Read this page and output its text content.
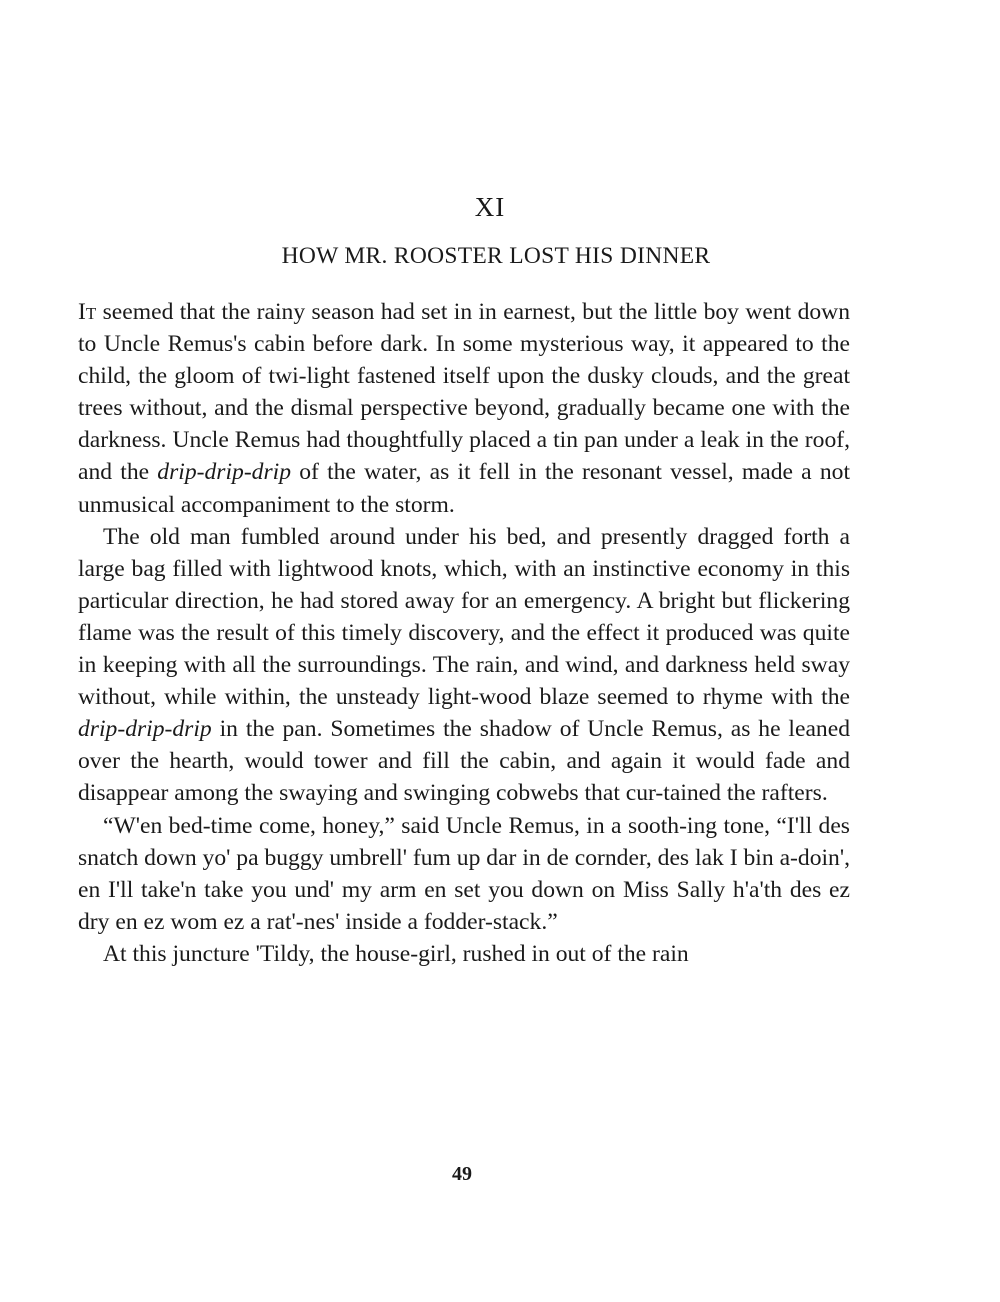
XI
HOW MR. ROOSTER LOST HIS DINNER

It seemed that the rainy season had set in in earnest, but the little boy went down to Uncle Remus's cabin before dark. In some mysterious way, it appeared to the child, the gloom of twi-light fastened itself upon the dusky clouds, and the great trees without, and the dismal perspective beyond, gradually became one with the darkness. Uncle Remus had thoughtfully placed a tin pan under a leak in the roof, and the drip-drip-drip of the water, as it fell in the resonant vessel, made a not unmusical accompaniment to the storm.

The old man fumbled around under his bed, and presently dragged forth a large bag filled with lightwood knots, which, with an instinctive economy in this particular direction, he had stored away for an emergency. A bright but flickering flame was the result of this timely discovery, and the effect it produced was quite in keeping with all the surroundings. The rain, and wind, and darkness held sway without, while within, the unsteady light-wood blaze seemed to rhyme with the drip-drip-drip in the pan. Sometimes the shadow of Uncle Remus, as he leaned over the hearth, would tower and fill the cabin, and again it would fade and disappear among the swaying and swinging cobwebs that cur-tained the rafters.

“W'en bed-time come, honey,” said Uncle Remus, in a sooth-ing tone, “I'll des snatch down yo' pa buggy umbrell' fum up dar in de cornder, des lak I bin a-doin', en I'll take'n take you und' my arm en set you down on Miss Sally h'a'th des ez dry en ez wom ez a rat'-nes' inside a fodder-stack.”

At this juncture 'Tildy, the house-girl, rushed in out of the rain

49
